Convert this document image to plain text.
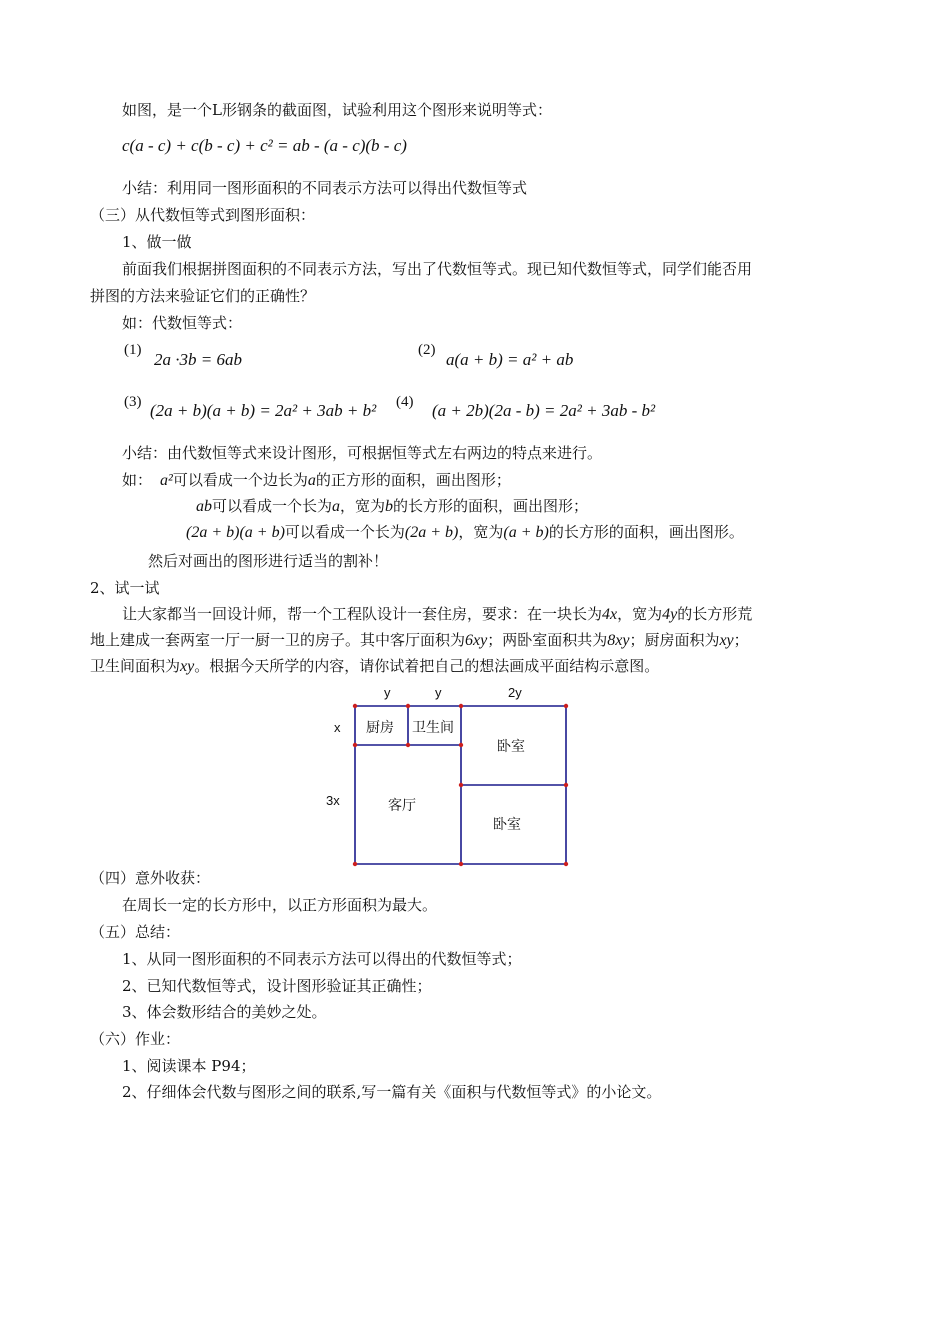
如图，是一个L形钢条的截面图，试验利用这个图形来说明等式：
c(a - c) + c(b - c) + c² = ab - (a - c)(b - c)
小结：利用同一图形面积的不同表示方法可以得出代数恒等式
（三）从代数恒等式到图形面积：
1、做一做
前面我们根据拼图面积的不同表示方法，写出了代数恒等式。现已知代数恒等式，同学们能否用
拼图的方法来验证它们的正确性？
如：代数恒等式：
(1) 2a ·3b = 6ab	(2) a(a + b) = a² + ab
(3) (2a + b)(a + b) = 2a² + 3ab + b² (4) (a + 2b)(2a - b) = 2a² + 3ab - b²
小结：由代数恒等式来设计图形，可根据恒等式左右两边的特点来进行。
如： a²可以看成一个边长为a的正方形的面积，画出图形；
ab可以看成一个长为a，宽为b的长方形的面积，画出图形；
(2a + b)(a + b)可以看成一个长为(2a + b)，宽为(a + b)的长方形的面积，画出图形。
然后对画出的图形进行适当的割补！
2、试一试
让大家都当一回设计师，帮一个工程队设计一套住房，要求：在一块长为4x，宽为4y的长方形荒
地上建成一套两室一厅一厨一卫的房子。其中客厅面积为6xy；两卧室面积共为8xy；厨房面积为xy；
卫生间面积为xy。根据今天所学的内容，请你试着把自己的想法画成平面结构示意图。
y	y	2y
x
3x
厨房 卫生间
卧室
客厅
卧室
（四）意外收获：
在周长一定的长方形中，以正方形面积为最大。
（五）总结：
1、从同一图形面积的不同表示方法可以得出的代数恒等式；
2、已知代数恒等式，设计图形验证其正确性；
3、体会数形结合的美妙之处。
（六）作业：
1、阅读课本 P94；
2、仔细体会代数与图形之间的联系,写一篇有关《面积与代数恒等式》的小论文。
